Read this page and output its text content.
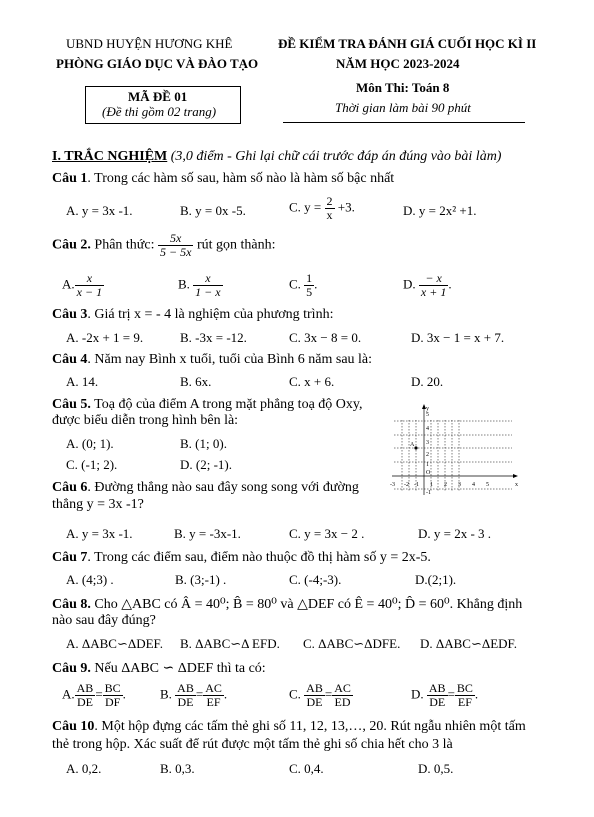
UBND HUYỆN HƯƠNG KHÊ
PHÒNG GIÁO DỤC VÀ ĐÀO TẠO
ĐỀ KIỂM TRA ĐÁNH GIÁ CUỐI HỌC KÌ II
NĂM HỌC 2023-2024
Môn Thi: Toán 8
Thời gian làm bài 90 phút
MÃ ĐỀ 01
(Đề thi gồm 02 trang)
I. TRẮC NGHIỆM (3,0 điểm - Ghi lại chữ cái trước đáp án đúng vào bài làm)
Câu 1. Trong các hàm số sau, hàm số nào là hàm số bậc nhất
A. y = 3x -1.	B. y = 0x -5.	C. $y = \frac{2}{x} +3$.	D. y = 2x² +1.
Câu 2. Phân thức: $\frac{5x}{5 - 5x}$ rút gọn thành:
A. $\frac{x}{x - 1}$	B. $\frac{x}{1 - x}$	C. $\frac{1}{5}$ .	D. $\frac{- x}{x + 1}$ .
Câu 3. Giá trị x = - 4 là nghiệm của phương trình:
A. -2x + 1 = 9.	B. -3x = -12.	C. 3x − 8 = 0.	D. 3x − 1 = x + 7.
Câu 4. Năm nay Bình x tuổi, tuổi của Bình 6 năm sau là:
A. 14.	B. 6x.	C. x + 6.	D. 20.
Câu 5. Toạ độ của điểm A trong mặt phẳng toạ độ Oxy,
được biểu diễn trong hình bên là:
A. (0; 1).	B. (1; 0).
C. (-1; 2).	D. (2; -1).
y
x
O
A
-3 -2 -1 1 2 3 4 5
5
4
3
2
1
-1
Câu 6. Đường thẳng nào sau đây song song với đường
thẳng y = 3x -1?
A. y = 3x -1.	B. y = -3x-1.	C. y = 3x − 2 .	D. y = 2x - 3 .
Câu 7. Trong các điểm sau, điểm nào thuộc đồ thị hàm số y = 2x-5.
A. (4;3) .	B. (3;-1) .	C. (-4;-3).	D.(2;1).
Câu 8. Cho △ABC có Â = 40⁰; B̂ = 80⁰ và △DEF có Ê = 40⁰; D̂ = 60⁰. Khẳng định
nào sau đây đúng?
A. ΔABC∽ΔDEF. B. ΔABC∽Δ EFD. C. ΔABC∽ΔDFE. D. ΔABC∽ΔEDF.
Câu 9. Nếu ΔABC ∽ ΔDEF thì ta có:
A. $\frac{AB}{DE} = \frac{BC}{DF}$ .	B. $\frac{AB}{DE} = \frac{AC}{EF}$ .	C. $\frac{AB}{DE} = \frac{AC}{ED}$	D. $\frac{AB}{DE} = \frac{BC}{EF}$ .
Câu 10. Một hộp đựng các tấm thẻ ghi số 11, 12, 13,…, 20. Rút ngẫu nhiên một tấm
thẻ trong hộp. Xác suất để rút được một tấm thẻ ghi số chia hết cho 3 là
A. 0,2.	B. 0,3.	C. 0,4.	D. 0,5.
